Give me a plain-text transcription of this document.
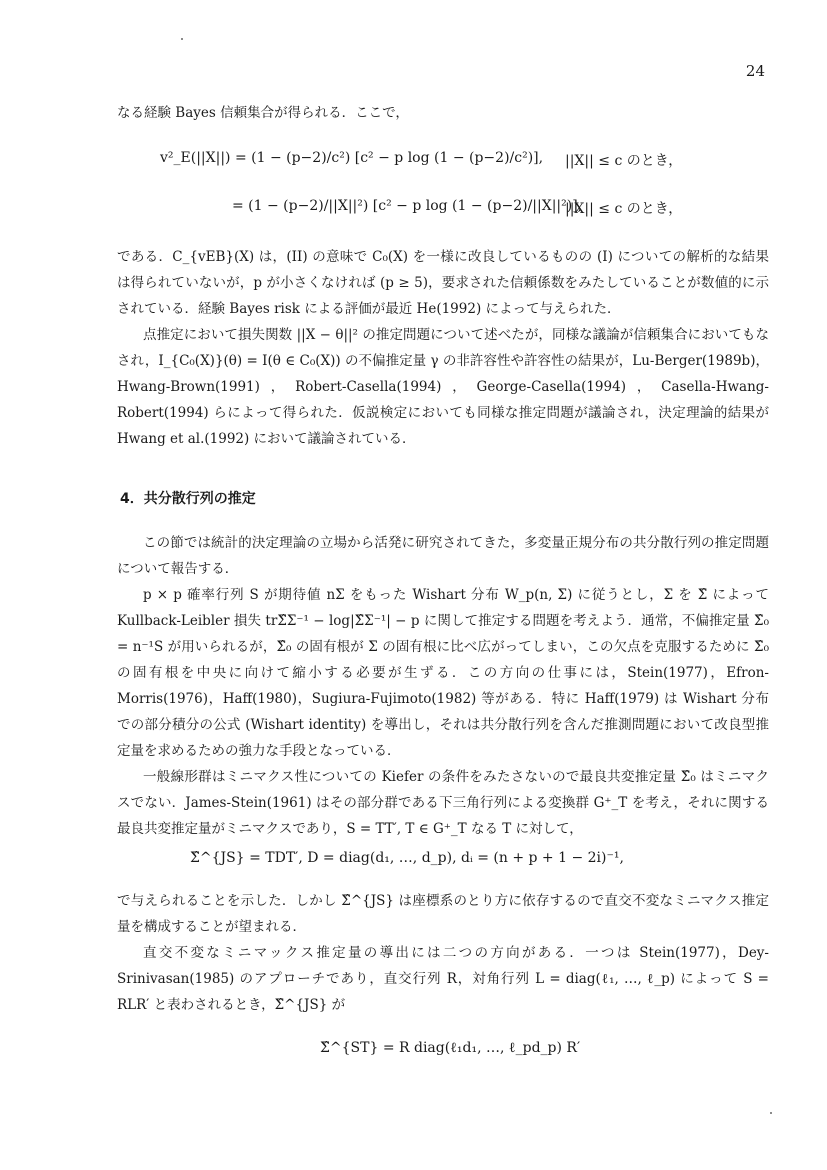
24

なる経験 Bayes 信頼集合が得られる．ここで，

v²_E(||X||) = (1 − (p−2)/c²) [c² − p log (1 − (p−2)/c²)], ||X|| ≤ c のとき，
= (1 − (p−2)/||X||²) [c² − p log (1 − (p−2)/||X||²)],
||X|| ≤ c のとき，

である．C_{vEB}(X) は，(II) の意味で C₀(X) を一様に改良しているものの (I) についての解析的な結果は得られていないが，p が小さくなければ (p ≥ 5)，要求された信頼係数をみたしていることが数値的に示されている．経験 Bayes risk による評価が最近 He(1992) によって与えられた．

点推定において損失関数 ||X − θ||² の推定問題について述べたが，同様な議論が信頼集合においてもなされ，I_{C₀(X)}(θ) = I(θ ∈ C₀(X)) の不偏推定量 γ の非許容性や許容性の結果が，Lu-Berger(1989b)，Hwang-Brown(1991)，Robert-Casella(1994)，George-Casella(1994)，Casella-Hwang-Robert(1994) らによって得られた．仮説検定においても同様な推定問題が議論され，決定理論的結果が Hwang et al.(1992) において議論されている．

4．共分散行列の推定

この節では統計的決定理論の立場から活発に研究されてきた，多変量正規分布の共分散行列の推定問題について報告する．

p × p 確率行列 S が期待値 nΣ をもった Wishart 分布 W_p(n, Σ) に従うとし，Σ を Σ̂ によって Kullback-Leibler 損失 trΣ̂Σ⁻¹ − log|Σ̂Σ⁻¹| − p に関して推定する問題を考えよう．通常，不偏推定量 Σ̂₀ = n⁻¹S が用いられるが，Σ̂₀ の固有根が Σ の固有根に比べ広がってしまい，この欠点を克服するために Σ̂₀ の固有根を中央に向けて縮小する必要が生ずる．この方向の仕事には，Stein(1977)，Efron-Morris(1976)，Haff(1980)，Sugiura-Fujimoto(1982) 等がある．特に Haff(1979) は Wishart 分布での部分積分の公式 (Wishart identity) を導出し，それは共分散行列を含んだ推測問題において改良型推定量を求めるための強力な手段となっている．

一般線形群はミニマクス性についての Kiefer の条件をみたさないので最良共変推定量 Σ̂₀ はミニマクスでない．James-Stein(1961) はその部分群である下三角行列による変換群 G⁺_T を考え，それに関する最良共変推定量がミニマクスであり，S = TT′, T ∈ G⁺_T なる T に対して，

Σ̂^{JS} = TDT′, D = diag(d₁, …, d_p), dᵢ = (n + p + 1 − 2i)⁻¹,

で与えられることを示した．しかし Σ̂^{JS} は座標系のとり方に依存するので直交不変なミニマクス推定量を構成することが望まれる．

直交不変なミニマックス推定量の導出には二つの方向がある．一つは Stein(1977)，Dey-Srinivasan(1985) のアプローチであり，直交行列 R，対角行列 L = diag(ℓ₁, …, ℓ_p) によって S = RLR′ と表わされるとき，Σ̂^{JS} が

Σ̂^{ST} = R diag(ℓ₁d₁, …, ℓ_pd_p) R′
